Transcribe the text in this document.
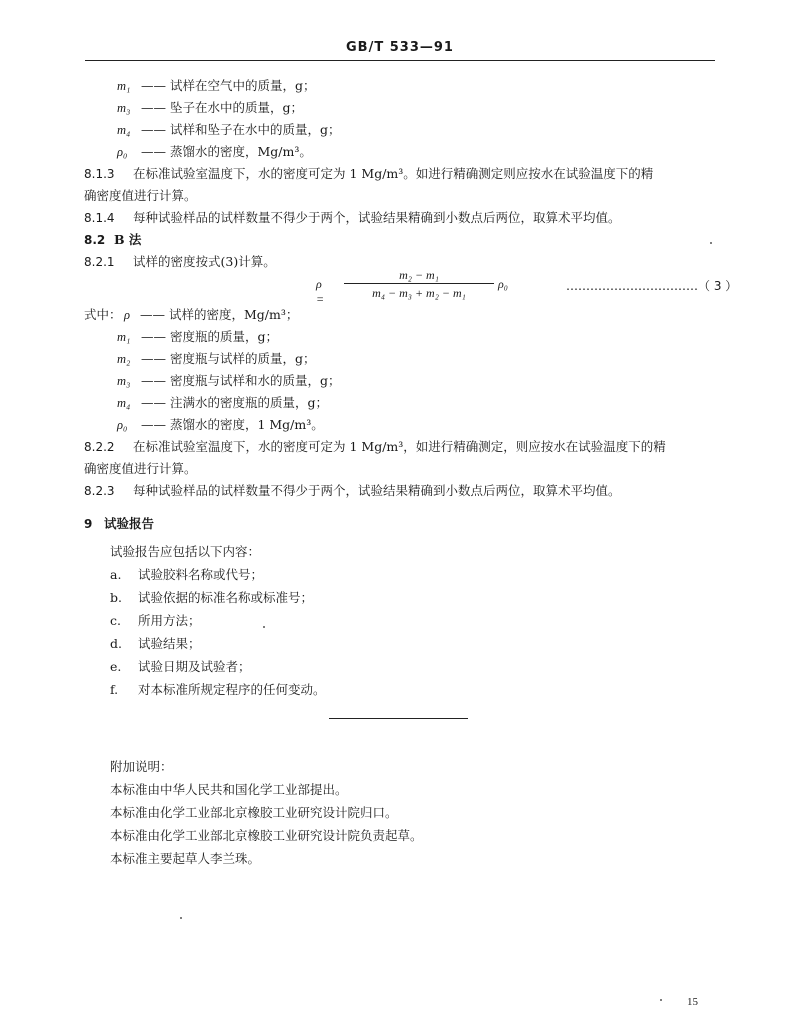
GB/T 533—91
m₁ —— 试样在空气中的质量，g；
m₃ —— 坠子在水中的质量，g；
m₄ —— 试样和坠子在水中的质量，g；
ρ₀ —— 蒸馏水的密度，Mg/m³。
8.1.3 在标准试验室温度下，水的密度可定为 1 Mg/m³。如进行精确测定则应按水在试验温度下的精
确密度值进行计算。
8.1.4 每种试验样品的试样数量不得少于两个，试验结果精确到小数点后两位，取算术平均值。
8.2 B 法
8.2.1 试样的密度按式(3)计算。
ρ =
m₂ − m₁
m₄ − m₃ + m₂ − m₁
ρ₀	……………………………（ 3 ）
式中： ρ —— 试样的密度，Mg/m³；
m₁ —— 密度瓶的质量，g；
m₂ —— 密度瓶与试样的质量，g；
m₃ —— 密度瓶与试样和水的质量，g；
m₄ —— 注满水的密度瓶的质量，g；
ρ₀ —— 蒸馏水的密度，1 Mg/m³。
8.2.2 在标准试验室温度下，水的密度可定为 1 Mg/m³，如进行精确测定，则应按水在试验温度下的精
确密度值进行计算。
8.2.3 每种试验样品的试样数量不得少于两个，试验结果精确到小数点后两位，取算术平均值。
9 试验报告
试验报告应包括以下内容：
a. 试验胶料名称或代号；
b. 试验依据的标准名称或标准号；
c. 所用方法；
d. 试验结果；
e. 试验日期及试验者；
f. 对本标准所规定程序的任何变动。
附加说明：
本标准由中华人民共和国化学工业部提出。
本标准由化学工业部北京橡胶工业研究设计院归口。
本标准由化学工业部北京橡胶工业研究设计院负责起草。
本标准主要起草人李兰珠。
15
